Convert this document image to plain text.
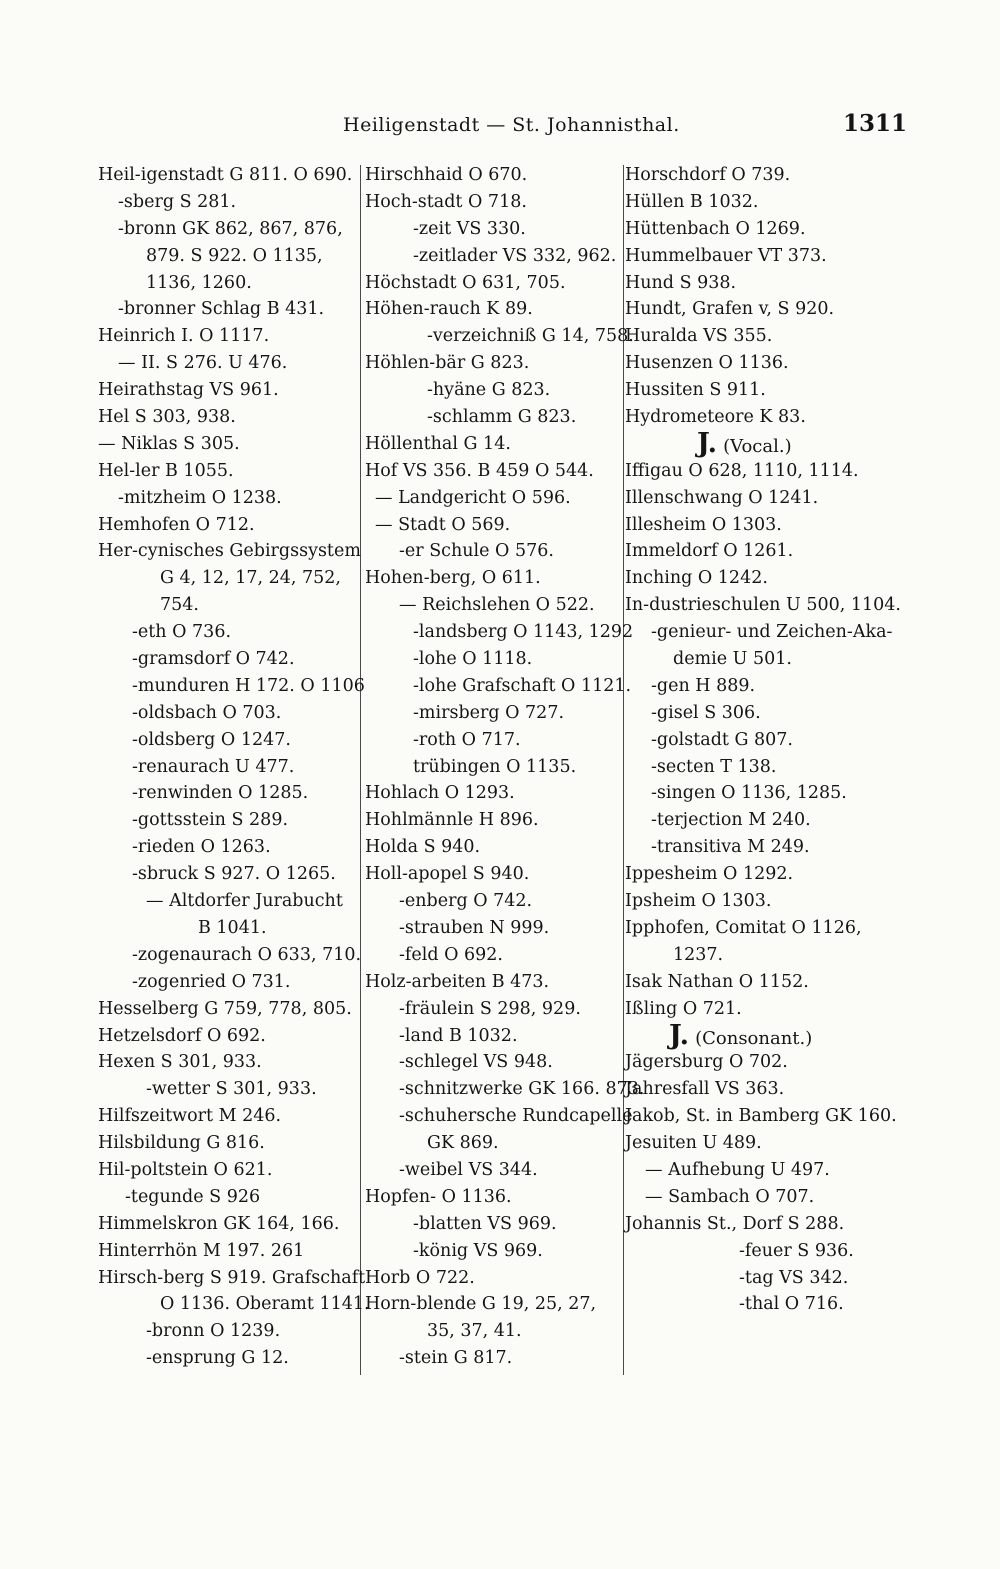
Heiligenstadt — St. Johannisthal.	1311
Heil-igenstadt G 811. O 690.
-sberg S 281.
-bronn GK 862, 867, 876,
879. S 922. O 1135,
1136, 1260.
-bronner Schlag B 431.
Heinrich I. O 1117.
— II. S 276. U 476.
Heirathstag VS 961.
Hel S 303, 938.
— Niklas S 305.
Hel-ler B 1055.
-mitzheim O 1238.
Hemhofen O 712.
Her-cynisches Gebirgssystem
G 4, 12, 17, 24, 752,
754.
-eth O 736.
-gramsdorf O 742.
-munduren H 172. O 1106
-oldsbach O 703.
-oldsberg O 1247.
-renaurach U 477.
-renwinden O 1285.
-gottsstein S 289.
-rieden O 1263.
-sbruck S 927. O 1265.
— Altdorfer Jurabucht
B 1041.
-zogenaurach O 633, 710.
-zogenried O 731.
Hesselberg G 759, 778, 805.
Hetzelsdorf O 692.
Hexen S 301, 933.
-wetter S 301, 933.
Hilfszeitwort M 246.
Hilsbildung G 816.
Hil-poltstein O 621.
-tegunde S 926
Himmelskron GK 164, 166.
Hinterrhön M 197. 261
Hirsch-berg S 919. Grafschaft
O 1136. Oberamt 1141.
-bronn O 1239.
-ensprung G 12.
Hirschhaid O 670.
Hoch-stadt O 718.
-zeit VS 330.
-zeitlader VS 332, 962.
Höchstadt O 631, 705.
Höhen-rauch K 89.
-verzeichniß G 14, 758.
Höhlen-bär G 823.
-hyäne G 823.
-schlamm G 823.
Höllenthal G 14.
Hof VS 356. B 459 O 544.
— Landgericht O 596.
— Stadt O 569.
-er Schule O 576.
Hohen-berg, O 611.
— Reichslehen O 522.
-landsberg O 1143, 1292
-lohe O 1118.
-lohe Grafschaft O 1121.
-mirsberg O 727.
-roth O 717.
trübingen O 1135.
Hohlach O 1293.
Hohlmännle H 896.
Holda S 940.
Holl-apopel S 940.
-enberg O 742.
-strauben N 999.
-feld O 692.
Holz-arbeiten B 473.
-fräulein S 298, 929.
-land B 1032.
-schlegel VS 948.
-schnitzwerke GK 166. 873.
-schuhersche Rundcapelle
GK 869.
-weibel VS 344.
Hopfen- O 1136.
-blatten VS 969.
-könig VS 969.
Horb O 722.
Horn-blende G 19, 25, 27,
35, 37, 41.
-stein G 817.
Horschdorf O 739.
Hüllen B 1032.
Hüttenbach O 1269.
Hummelbauer VT 373.
Hund S 938.
Hundt, Grafen v, S 920.
Huralda VS 355.
Husenzen O 1136.
Hussiten S 911.
Hydrometeore K 83.
J. (Vocal.)
Iffigau O 628, 1110, 1114.
Illenschwang O 1241.
Illesheim O 1303.
Immeldorf O 1261.
Inching O 1242.
In-dustrieschulen U 500, 1104.
-genieur- und Zeichen-Aka-
demie U 501.
-gen H 889.
-gisel S 306.
-golstadt G 807.
-secten T 138.
-singen O 1136, 1285.
-terjection M 240.
-transitiva M 249.
Ippesheim O 1292.
Ipsheim O 1303.
Ipphofen, Comitat O 1126,
1237.
Isak Nathan O 1152.
Ißling O 721.
J. (Consonant.)
Jägersburg O 702.
Jahresfall VS 363.
Jakob, St. in Bamberg GK 160.
Jesuiten U 489.
— Aufhebung U 497.
— Sambach O 707.
Johannis St., Dorf S 288.
-feuer S 936.
-tag VS 342.
-thal O 716.
